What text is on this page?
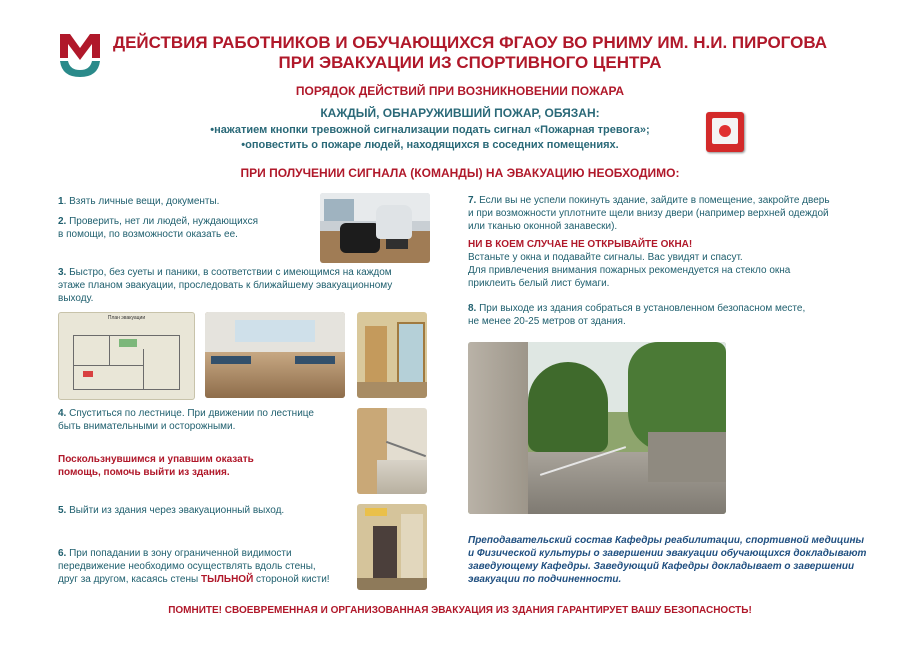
ДЕЙСТВИЯ РАБОТНИКОВ И ОБУЧАЮЩИХСЯ ФГАОУ ВО РНИМУ ИМ. Н.И. ПИРОГОВА
ПРИ ЭВАКУАЦИИ ИЗ СПОРТИВНОГО ЦЕНТРА
ПОРЯДОК ДЕЙСТВИЙ ПРИ ВОЗНИКНОВЕНИИ ПОЖАРА
КАЖДЫЙ, ОБНАРУЖИВШИЙ ПОЖАР, ОБЯЗАН:
•нажатием кнопки тревожной сигнализации подать сигнал «Пожарная тревога»;
•оповестить о пожаре людей, находящихся в соседних помещениях.
ПРИ ПОЛУЧЕНИИ СИГНАЛА (КОМАНДЫ) НА ЭВАКУАЦИЮ НЕОБХОДИМО:
1. Взять личные вещи, документы.
2. Проверить, нет ли людей, нуждающихся
в помощи, по возможности оказать ее.
3. Быстро, без суеты и паники, в соответствии с имеющимся на каждом
этаже планом эвакуации, проследовать к ближайшему эвакуационному
выходу.
План эвакуации
4. Спуститься по лестнице. При движении по лестнице
быть внимательными и осторожными.
Поскользнувшимся и упавшим оказать
помощь, помочь выйти из здания.
5. Выйти из здания через эвакуационный выход.
6. При попадании в зону ограниченной видимости
передвижение необходимо осуществлять вдоль стены,
друг за другом, касаясь стены ТЫЛЬНОЙ стороной кисти!
7. Если вы не успели покинуть здание, зайдите в помещение, закройте дверь
и при возможности уплотните щели внизу двери (например верхней одеждой
или тканью оконной занавески).
НИ В КОЕМ СЛУЧАЕ НЕ ОТКРЫВАЙТЕ ОКНА!
Встаньте у окна и подавайте сигналы. Вас увидят и спасут.
Для привлечения внимания пожарных рекомендуется на стекло окна
приклеить белый лист бумаги.
8. При выходе из здания собраться в установленном безопасном месте,
не менее 20-25 метров от здания.
Преподавательский состав Кафедры реабилитации, спортивной медицины
и Физической культуры о завершении эвакуации обучающихся докладывают
заведующему Кафедры. Заведующий Кафедры докладывает о завершении
эвакуации по подчиненности.
ПОМНИТЕ! СВОЕВРЕМЕННАЯ И ОРГАНИЗОВАННАЯ ЭВАКУАЦИЯ ИЗ ЗДАНИЯ ГАРАНТИРУЕТ ВАШУ БЕЗОПАСНОСТЬ!
